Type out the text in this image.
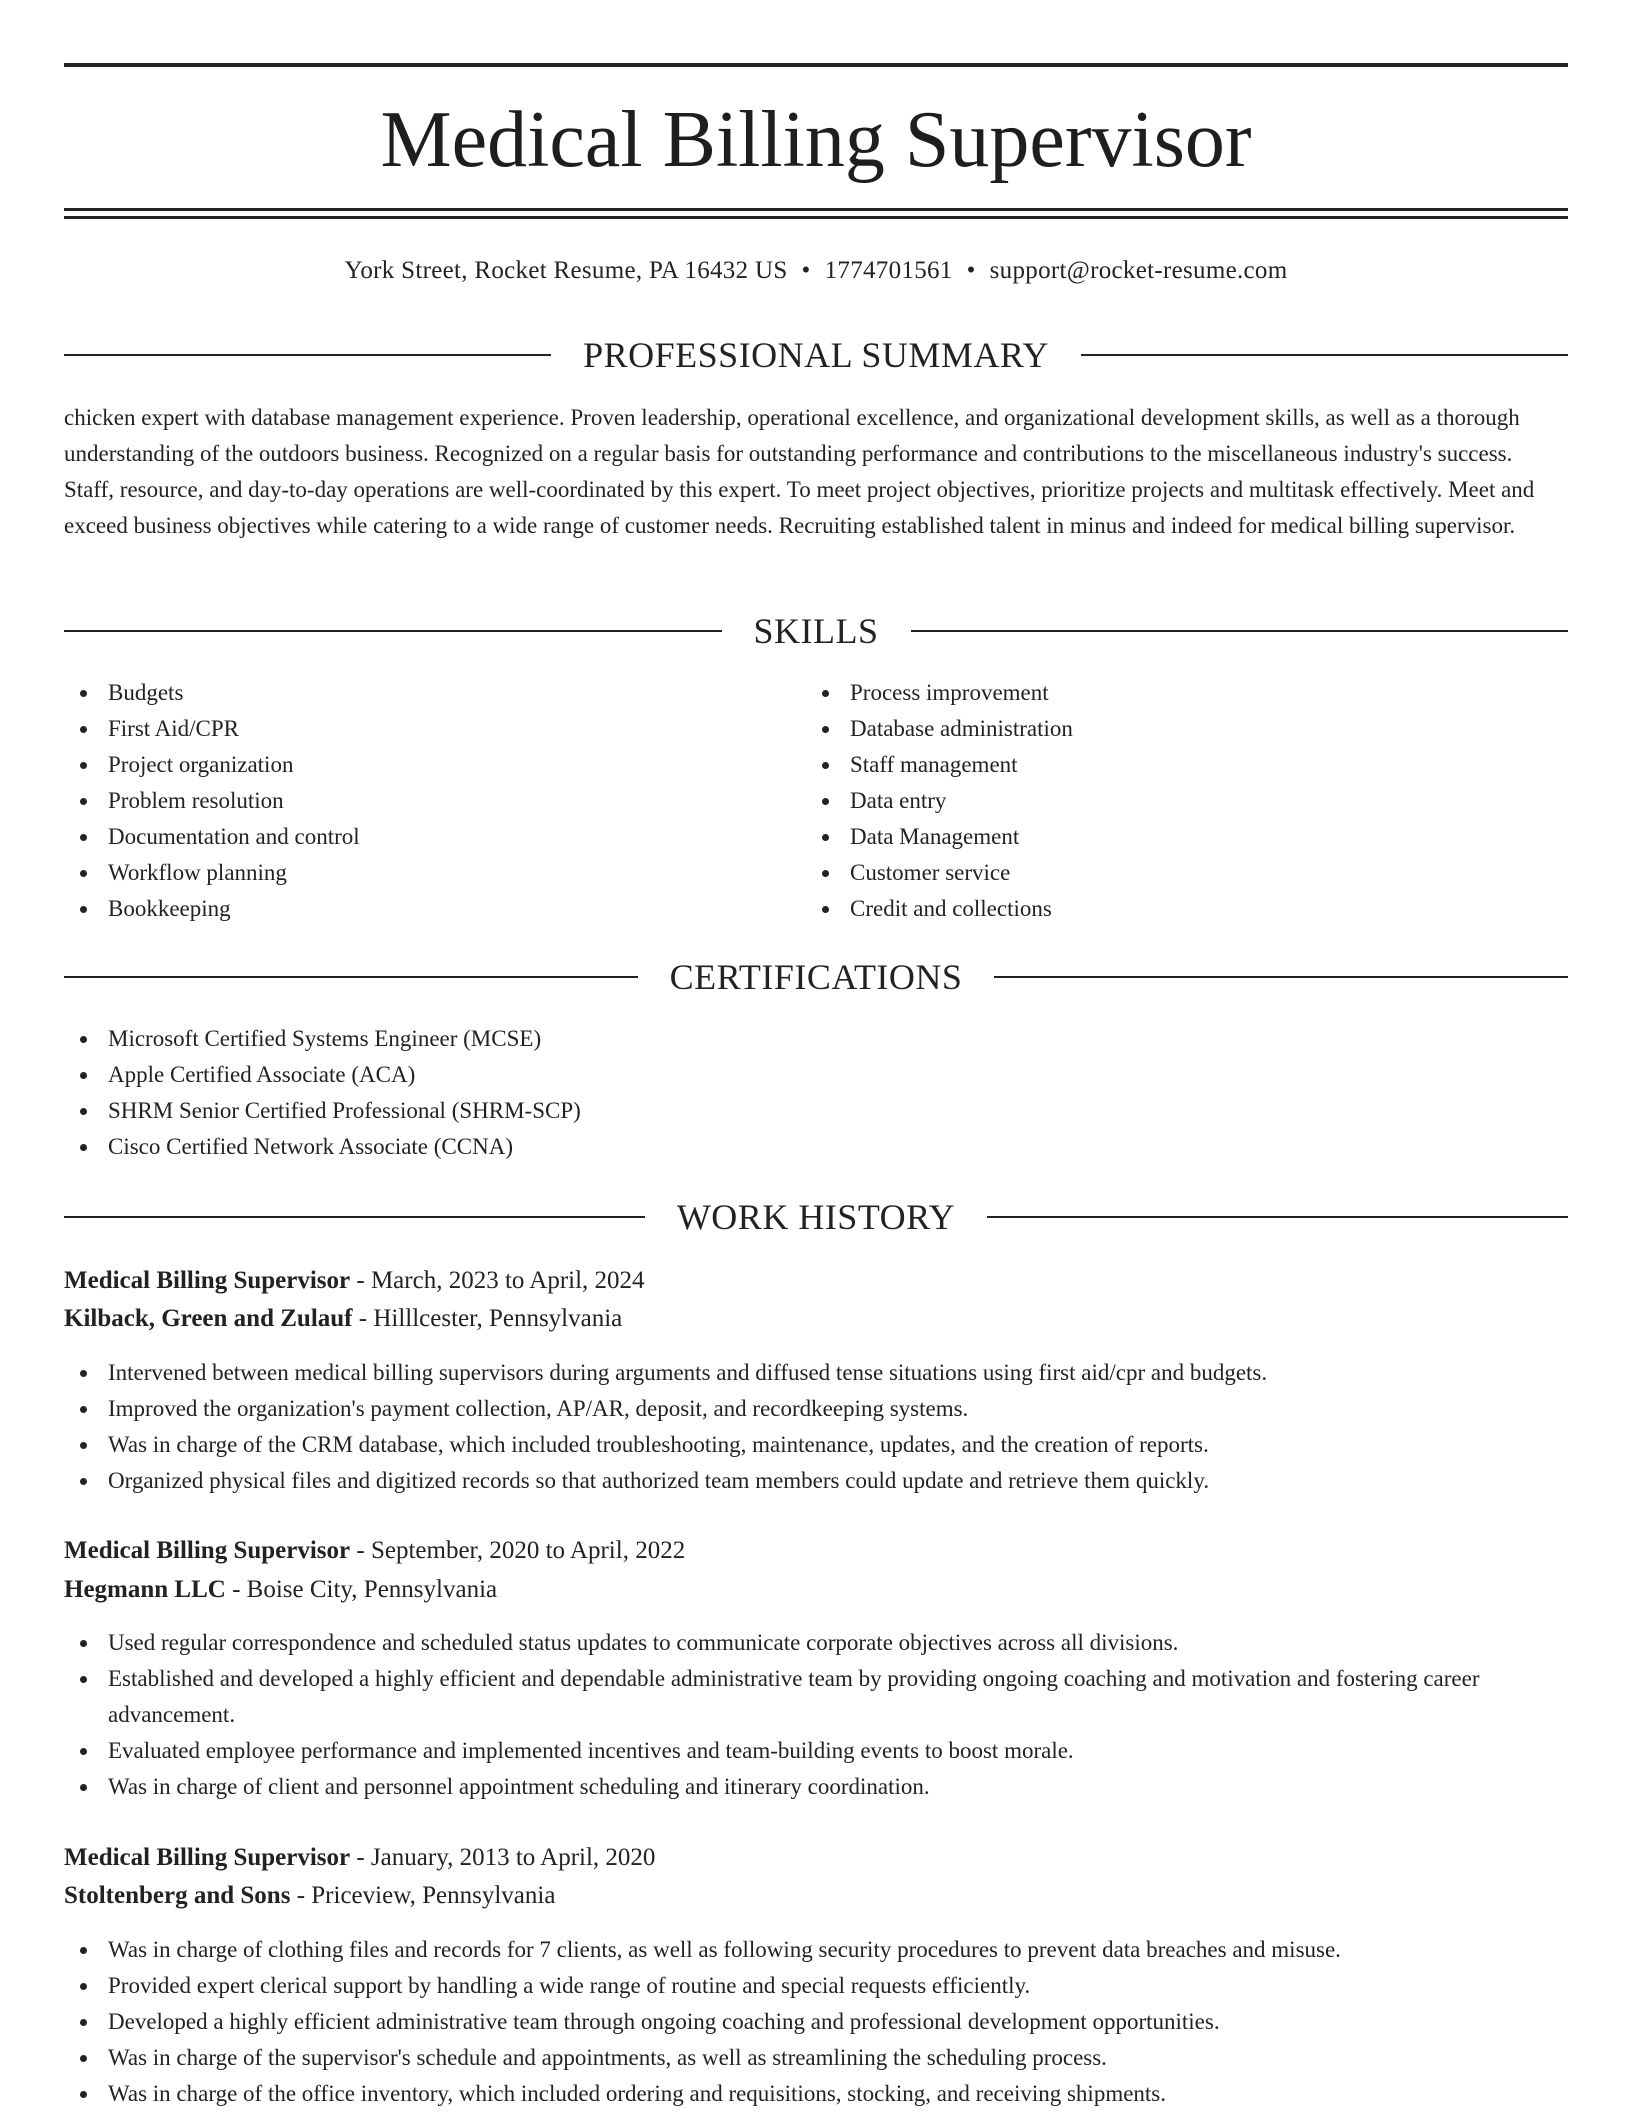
Medical Billing Supervisor
York Street, Rocket Resume, PA 16432 US • 1774701561 • support@rocket-resume.com
PROFESSIONAL SUMMARY

chicken expert with database management experience. Proven leadership, operational excellence, and organizational development skills, as well as a thorough understanding of the outdoors business. Recognized on a regular basis for outstanding performance and contributions to the miscellaneous industry's success. Staff, resource, and day-to-day operations are well-coordinated by this expert. To meet project objectives, prioritize projects and multitask effectively. Meet and exceed business objectives while catering to a wide range of customer needs. Recruiting established talent in minus and indeed for medical billing supervisor.

SKILLS
Budgets
First Aid/CPR
Project organization
Problem resolution
Documentation and control
Workflow planning
Bookkeeping
Process improvement
Database administration
Staff management
Data entry
Data Management
Customer service
Credit and collections
CERTIFICATIONS
Microsoft Certified Systems Engineer (MCSE)
Apple Certified Associate (ACA)
SHRM Senior Certified Professional (SHRM-SCP)
Cisco Certified Network Associate (CCNA)
WORK HISTORY
Medical Billing Supervisor - March, 2023 to April, 2024
Kilback, Green and Zulauf - Hilllcester, Pennsylvania
Intervened between medical billing supervisors during arguments and diffused tense situations using first aid/cpr and budgets.
Improved the organization's payment collection, AP/AR, deposit, and recordkeeping systems.
Was in charge of the CRM database, which included troubleshooting, maintenance, updates, and the creation of reports.
Organized physical files and digitized records so that authorized team members could update and retrieve them quickly.
Medical Billing Supervisor - September, 2020 to April, 2022
Hegmann LLC - Boise City, Pennsylvania
Used regular correspondence and scheduled status updates to communicate corporate objectives across all divisions.
Established and developed a highly efficient and dependable administrative team by providing ongoing coaching and motivation and fostering career advancement.
Evaluated employee performance and implemented incentives and team-building events to boost morale.
Was in charge of client and personnel appointment scheduling and itinerary coordination.
Medical Billing Supervisor - January, 2013 to April, 2020
Stoltenberg and Sons - Priceview, Pennsylvania
Was in charge of clothing files and records for 7 clients, as well as following security procedures to prevent data breaches and misuse.
Provided expert clerical support by handling a wide range of routine and special requests efficiently.
Developed a highly efficient administrative team through ongoing coaching and professional development opportunities.
Was in charge of the supervisor's schedule and appointments, as well as streamlining the scheduling process.
Was in charge of the office inventory, which included ordering and requisitions, stocking, and receiving shipments.
